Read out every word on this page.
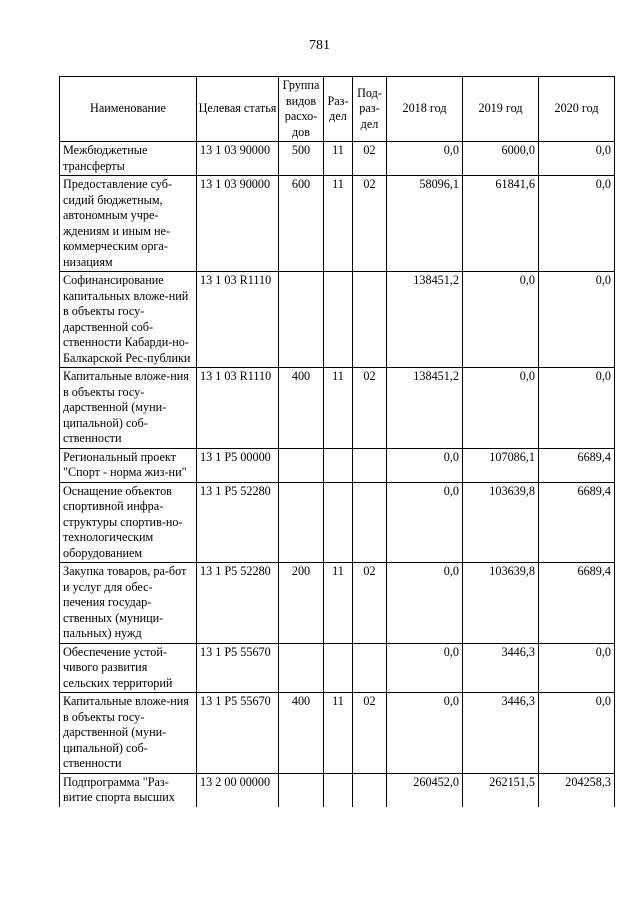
781
Наименование	Целевая статья	Группа видов расхо-дов	Раз-дел	Под-раз-дел	2018 год	2019 год	2020 год
Межбюджетные трансферты	13 1 03 90000	500	11	02	0,0	6000,0	0,0
Предоставление суб-сидий бюджетным, автономным учре-ждениям и иным не-коммерческим орга-низациям	13 1 03 90000	600	11	02	58096,1	61841,6	0,0
Софинансирование капитальных вложе-ний в объекты госу-дарственной соб-ственности Кабарди-но-Балкарской Рес-публики	13 1 03 R1110				138451,2	0,0	0,0
Капитальные вложе-ния в объекты госу-дарственной (муни-ципальной) соб-ственности	13 1 03 R1110	400	11	02	138451,2	0,0	0,0
Региональный проект "Спорт - норма жиз-ни"	13 1 P5 00000				0,0	107086,1	6689,4
Оснащение объектов спортивной инфра-структуры спортив-но-технологическим оборудованием	13 1 P5 52280				0,0	103639,8	6689,4
Закупка товаров, ра-бот и услуг для обес-печения государ-ственных (муници-пальных) нужд	13 1 P5 52280	200	11	02	0,0	103639,8	6689,4
Обеспечение устой-чивого развития сельских территорий	13 1 P5 55670				0,0	3446,3	0,0
Капитальные вложе-ния в объекты госу-дарственной (муни-ципальной) соб-ственности	13 1 P5 55670	400	11	02	0,0	3446,3	0,0
Подпрограмма "Раз-витие спорта высших	13 2 00 00000				260452,0	262151,5	204258,3
